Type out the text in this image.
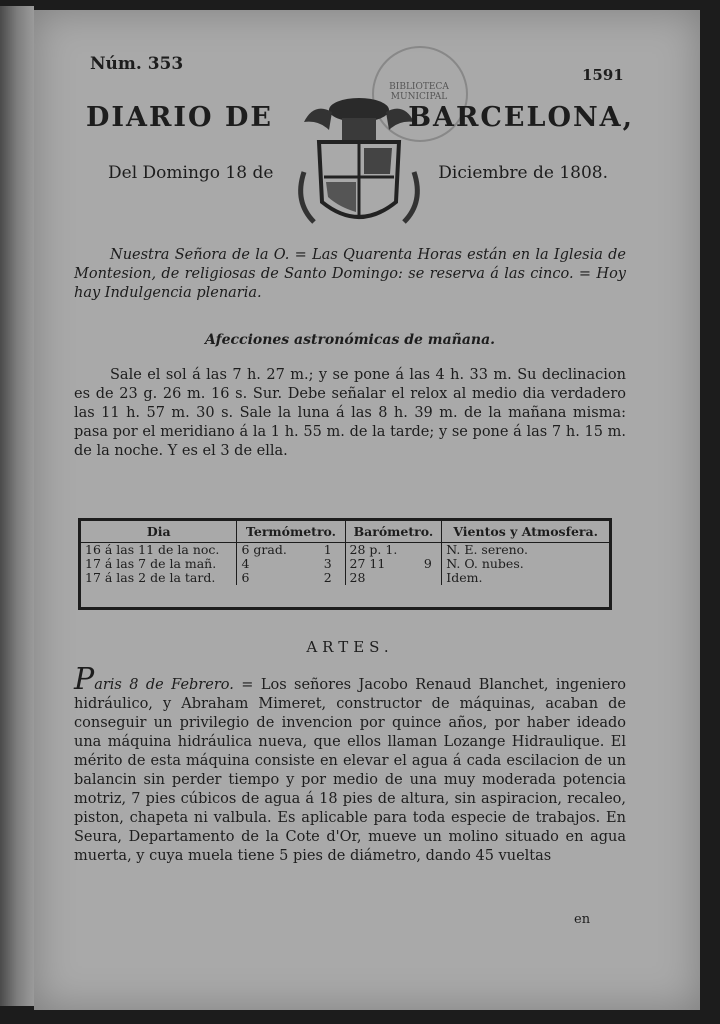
Núm. 353
1591
BIBLIOTECA MUNICIPAL
DIARIO DE	BARCELONA,
Del Domingo 18 de	Diciembre de 1808.
Nuestra Señora de la O. = Las Quarenta Horas están en la Iglesia de Montesion, de religiosas de Santo Domingo: se reserva á las cinco. = Hoy hay Indulgencia plenaria.
Afecciones astronómicas de mañana.
Sale el sol á las 7 h. 27 m.; y se pone á las 4 h. 33 m. Su declinacion es de 23 g. 26 m. 16 s. Sur. Debe señalar el relox al medio dia verdadero las 11 h. 57 m. 30 s. Sale la luna á las 8 h. 39 m. de la mañana misma: pasa por el meridiano á la 1 h. 55 m. de la tarde; y se pone á las 7 h. 15 m. de la noche. Y es el 3 de ella.
Dia	Termómetro.		Barómetro.		Vientos y Atmosfera.
16 á las 11 de la noc.	6 grad.	1	28 p. 1.		N. E. sereno.
17 á las 7 de la mañ.	4	3	27 11	9	N. O. nubes.
17 á las 2 de la tard.	6	2	28		Idem.
ARTES.
Paris 8 de Febrero. = Los señores Jacobo Renaud Blanchet, ingeniero hidráulico, y Abraham Mimeret, constructor de máquinas, acaban de conseguir un privilegio de invencion por quince años, por haber ideado una máquina hidráulica nueva, que ellos llaman Lozange Hidraulique. El mérito de esta máquina consiste en elevar el agua á cada escilacion de un balancin sin perder tiempo y por medio de una muy moderada potencia motriz, 7 pies cúbicos de agua á 18 pies de altura, sin aspiracion, recaleo, piston, chapeta ni valbula. Es aplicable para toda especie de trabajos. En Seura, Departamento de la Cote d'Or, mueve un molino situado en agua muerta, y cuya muela tiene 5 pies de diámetro, dando 45 vueltas
en
